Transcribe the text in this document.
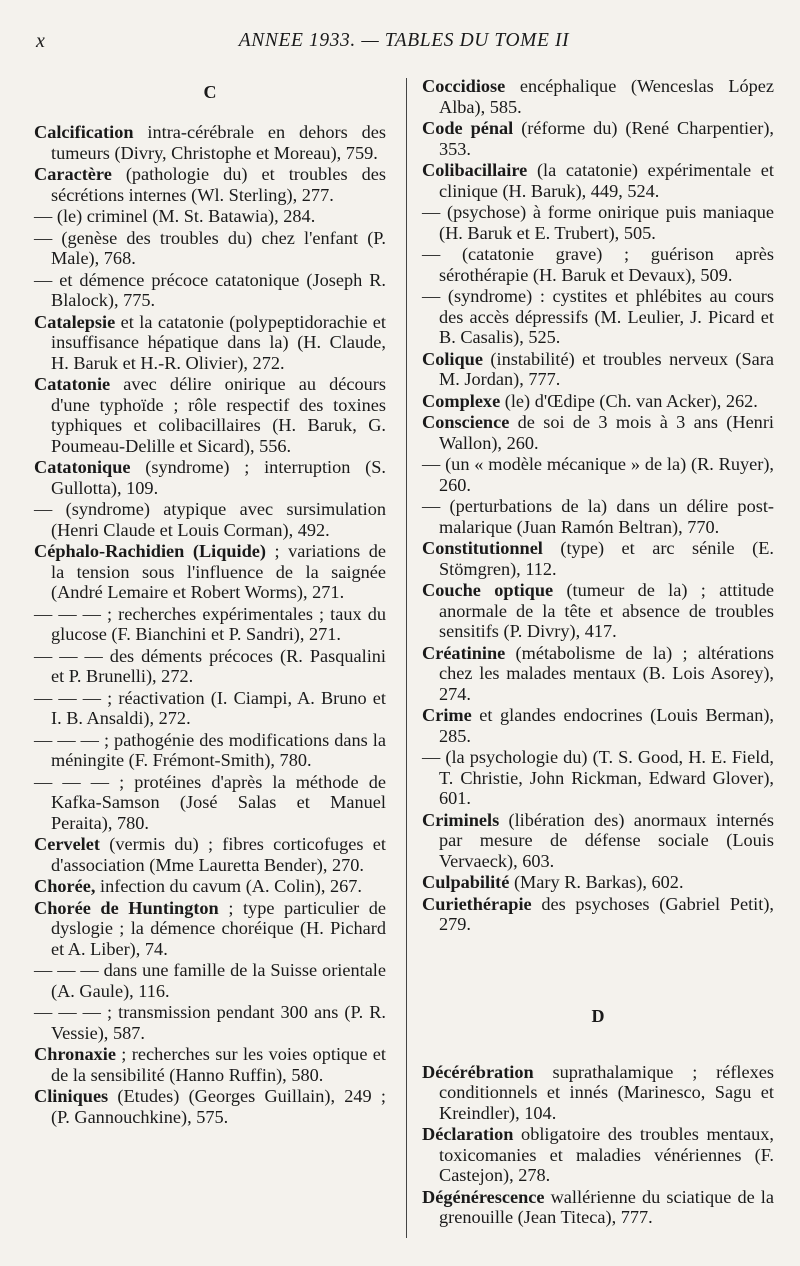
x	ANNEE 1933. — TABLES DU TOME II
C

Calcification intra-cérébrale en dehors des tumeurs (Divry, Christophe et Moreau), 759.

Caractère (pathologie du) et troubles des sécrétions internes (Wl. Sterling), 277.

— (le) criminel (M. St. Batawia), 284.

— (genèse des troubles du) chez l'enfant (P. Male), 768.

— et démence précoce catatonique (Joseph R. Blalock), 775.

Catalepsie et la catatonie (polypeptidorachie et insuffisance hépatique dans la) (H. Claude, H. Baruk et H.-R. Olivier), 272.

Catatonie avec délire onirique au décours d'une typhoïde ; rôle respectif des toxines typhiques et colibacillaires (H. Baruk, G. Poumeau-Delille et Sicard), 556.

Catatonique (syndrome) ; interruption (S. Gullotta), 109.

— (syndrome) atypique avec sursimulation (Henri Claude et Louis Corman), 492.

Céphalo-Rachidien (Liquide) ; variations de la tension sous l'influence de la saignée (André Lemaire et Robert Worms), 271.

— — — ; recherches expérimentales ; taux du glucose (F. Bianchini et P. Sandri), 271.

— — — des déments précoces (R. Pasqualini et P. Brunelli), 272.

— — — ; réactivation (I. Ciampi, A. Bruno et I. B. Ansaldi), 272.

— — — ; pathogénie des modifications dans la méningite (F. Frémont-Smith), 780.

— — — ; protéines d'après la méthode de Kafka-Samson (José Salas et Manuel Peraita), 780.

Cervelet (vermis du) ; fibres corticofuges et d'association (Mme Lauretta Bender), 270.

Chorée, infection du cavum (A. Colin), 267.

Chorée de Huntington ; type particulier de dyslogie ; la démence choréique (H. Pichard et A. Liber), 74.

— — — dans une famille de la Suisse orientale (A. Gaule), 116.

— — — ; transmission pendant 300 ans (P. R. Vessie), 587.

Chronaxie ; recherches sur les voies optique et de la sensibilité (Hanno Ruffin), 580.

Cliniques (Etudes) (Georges Guillain), 249 ; (P. Gannouchkine), 575.

Coccidiose encéphalique (Wenceslas López Alba), 585.

Code pénal (réforme du) (René Charpentier), 353.

Colibacillaire (la catatonie) expérimentale et clinique (H. Baruk), 449, 524.

— (psychose) à forme onirique puis maniaque (H. Baruk et E. Trubert), 505.

— (catatonie grave) ; guérison après sérothérapie (H. Baruk et Devaux), 509.

— (syndrome) : cystites et phlébites au cours des accès dépressifs (M. Leulier, J. Picard et B. Casalis), 525.

Colique (instabilité) et troubles nerveux (Sara M. Jordan), 777.

Complexe (le) d'Œdipe (Ch. van Acker), 262.

Conscience de soi de 3 mois à 3 ans (Henri Wallon), 260.

— (un « modèle mécanique » de la) (R. Ruyer), 260.

— (perturbations de la) dans un délire post-malarique (Juan Ramón Beltran), 770.

Constitutionnel (type) et arc sénile (E. Stömgren), 112.

Couche optique (tumeur de la) ; attitude anormale de la tête et absence de troubles sensitifs (P. Divry), 417.

Créatinine (métabolisme de la) ; altérations chez les malades mentaux (B. Lois Asorey), 274.

Crime et glandes endocrines (Louis Berman), 285.

— (la psychologie du) (T. S. Good, H. E. Field, T. Christie, John Rickman, Edward Glover), 601.

Criminels (libération des) anormaux internés par mesure de défense sociale (Louis Vervaeck), 603.

Culpabilité (Mary R. Barkas), 602.

Curiethérapie des psychoses (Gabriel Petit), 279.

D

Décérébration suprathalamique ; réflexes conditionnels et innés (Marinesco, Sagu et Kreindler), 104.

Déclaration obligatoire des troubles mentaux, toxicomanies et maladies vénériennes (F. Castejon), 278.

Dégénérescence wallérienne du sciatique de la grenouille (Jean Titeca), 777.
